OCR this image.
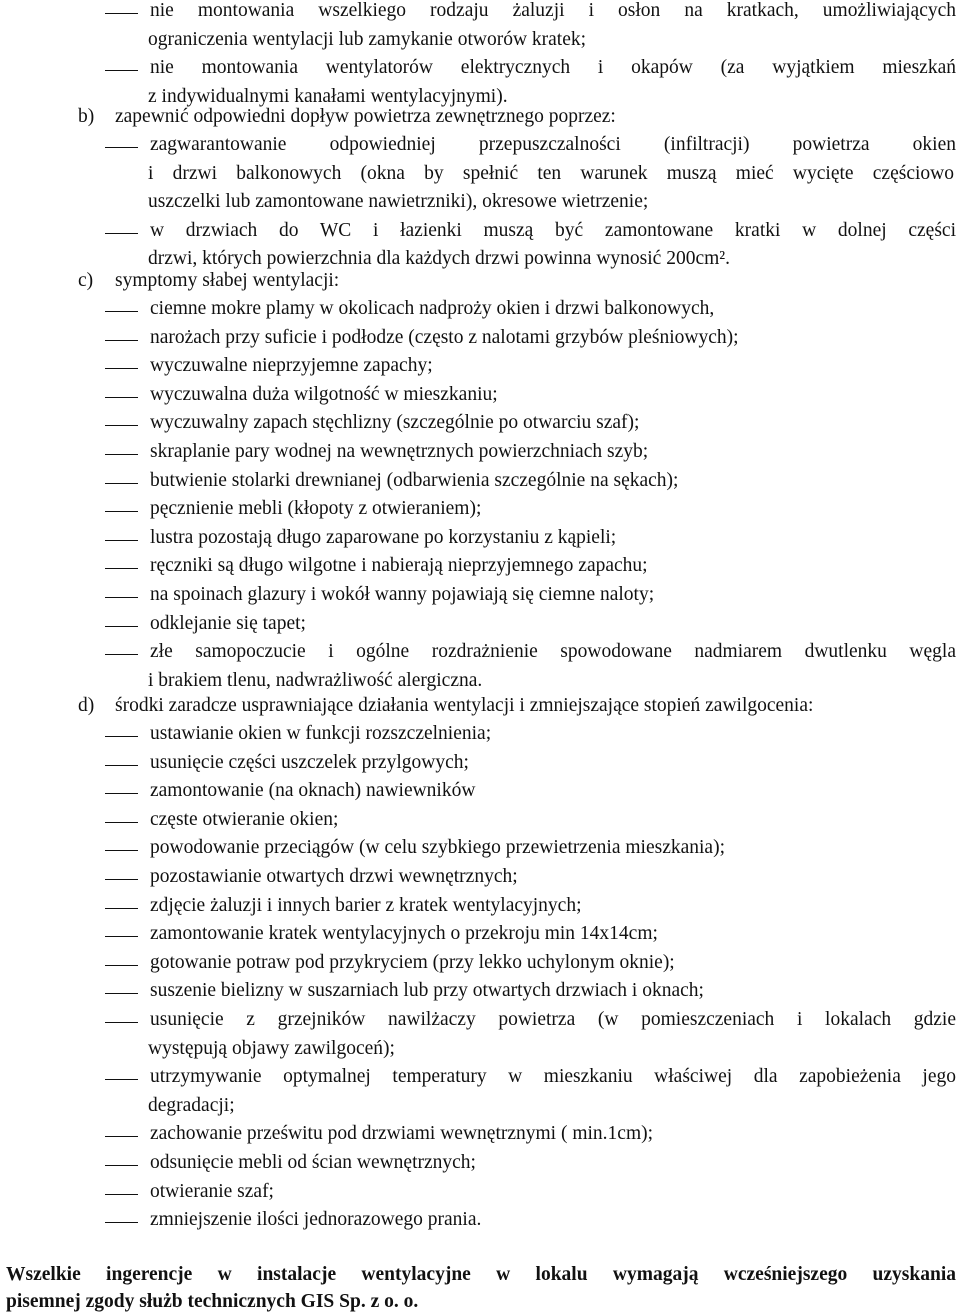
nie montowania wszelkiego rodzaju żaluzji i osłon na kratkach, umożliwiających
ograniczenia wentylacji lub zamykanie otworów kratek;
nie montowania wentylatorów elektrycznych i okapów (za wyjątkiem mieszkań
z indywidualnymi kanałami wentylacyjnymi).
b) zapewnić odpowiedni dopływ powietrza zewnętrznego poprzez:
zagwarantowanie odpowiedniej przepuszczalności (infiltracji) powietrza okien
i drzwi balkonowych (okna by spełnić ten warunek muszą mieć wycięte częściowo
uszczelki lub zamontowane nawietrzniki), okresowe wietrzenie;
w drzwiach do WC i łazienki muszą być zamontowane kratki w dolnej części
drzwi, których powierzchnia dla każdych drzwi powinna wynosić 200cm².
c) symptomy słabej wentylacji:
ciemne mokre plamy w okolicach nadproży okien i drzwi balkonowych,
narożach przy suficie i podłodze (często z nalotami grzybów pleśniowych);
wyczuwalne nieprzyjemne zapachy;
wyczuwalna duża wilgotność w mieszkaniu;
wyczuwalny zapach stęchlizny (szczególnie po otwarciu szaf);
skraplanie pary wodnej na wewnętrznych powierzchniach szyb;
butwienie stolarki drewnianej (odbarwienia szczególnie na sękach);
pęcznienie mebli (kłopoty z otwieraniem);
lustra pozostają długo zaparowane po korzystaniu z kąpieli;
ręczniki są długo wilgotne i nabierają nieprzyjemnego zapachu;
na spoinach glazury i wokół wanny pojawiają się ciemne naloty;
odklejanie się tapet;
złe samopoczucie i ogólne rozdrażnienie spowodowane nadmiarem dwutlenku węgla
i brakiem tlenu, nadwrażliwość alergiczna.
d) środki zaradcze usprawniające działania wentylacji i zmniejszające stopień zawilgocenia:
ustawianie okien w funkcji rozszczelnienia;
usunięcie części uszczelek przylgowych;
zamontowanie (na oknach) nawiewników
częste otwieranie okien;
powodowanie przeciągów (w celu szybkiego przewietrzenia mieszkania);
pozostawianie otwartych drzwi wewnętrznych;
zdjęcie żaluzji i innych barier z kratek wentylacyjnych;
zamontowanie kratek wentylacyjnych o przekroju min 14x14cm;
gotowanie potraw pod przykryciem (przy lekko uchylonym oknie);
suszenie bielizny w suszarniach lub przy otwartych drzwiach i oknach;
usunięcie z grzejników nawilżaczy powietrza (w pomieszczeniach i lokalach gdzie
występują objawy zawilgoceń);
utrzymywanie optymalnej temperatury w mieszkaniu właściwej dla zapobieżenia jego
degradacji;
zachowanie prześwitu pod drzwiami wewnętrznymi ( min.1cm);
odsunięcie mebli od ścian wewnętrznych;
otwieranie szaf;
zmniejszenie ilości jednorazowego prania.
Wszelkie ingerencje w instalacje wentylacyjne w lokalu wymagają wcześniejszego uzyskania
pisemnej zgody służb technicznych GIS Sp. z o. o.
